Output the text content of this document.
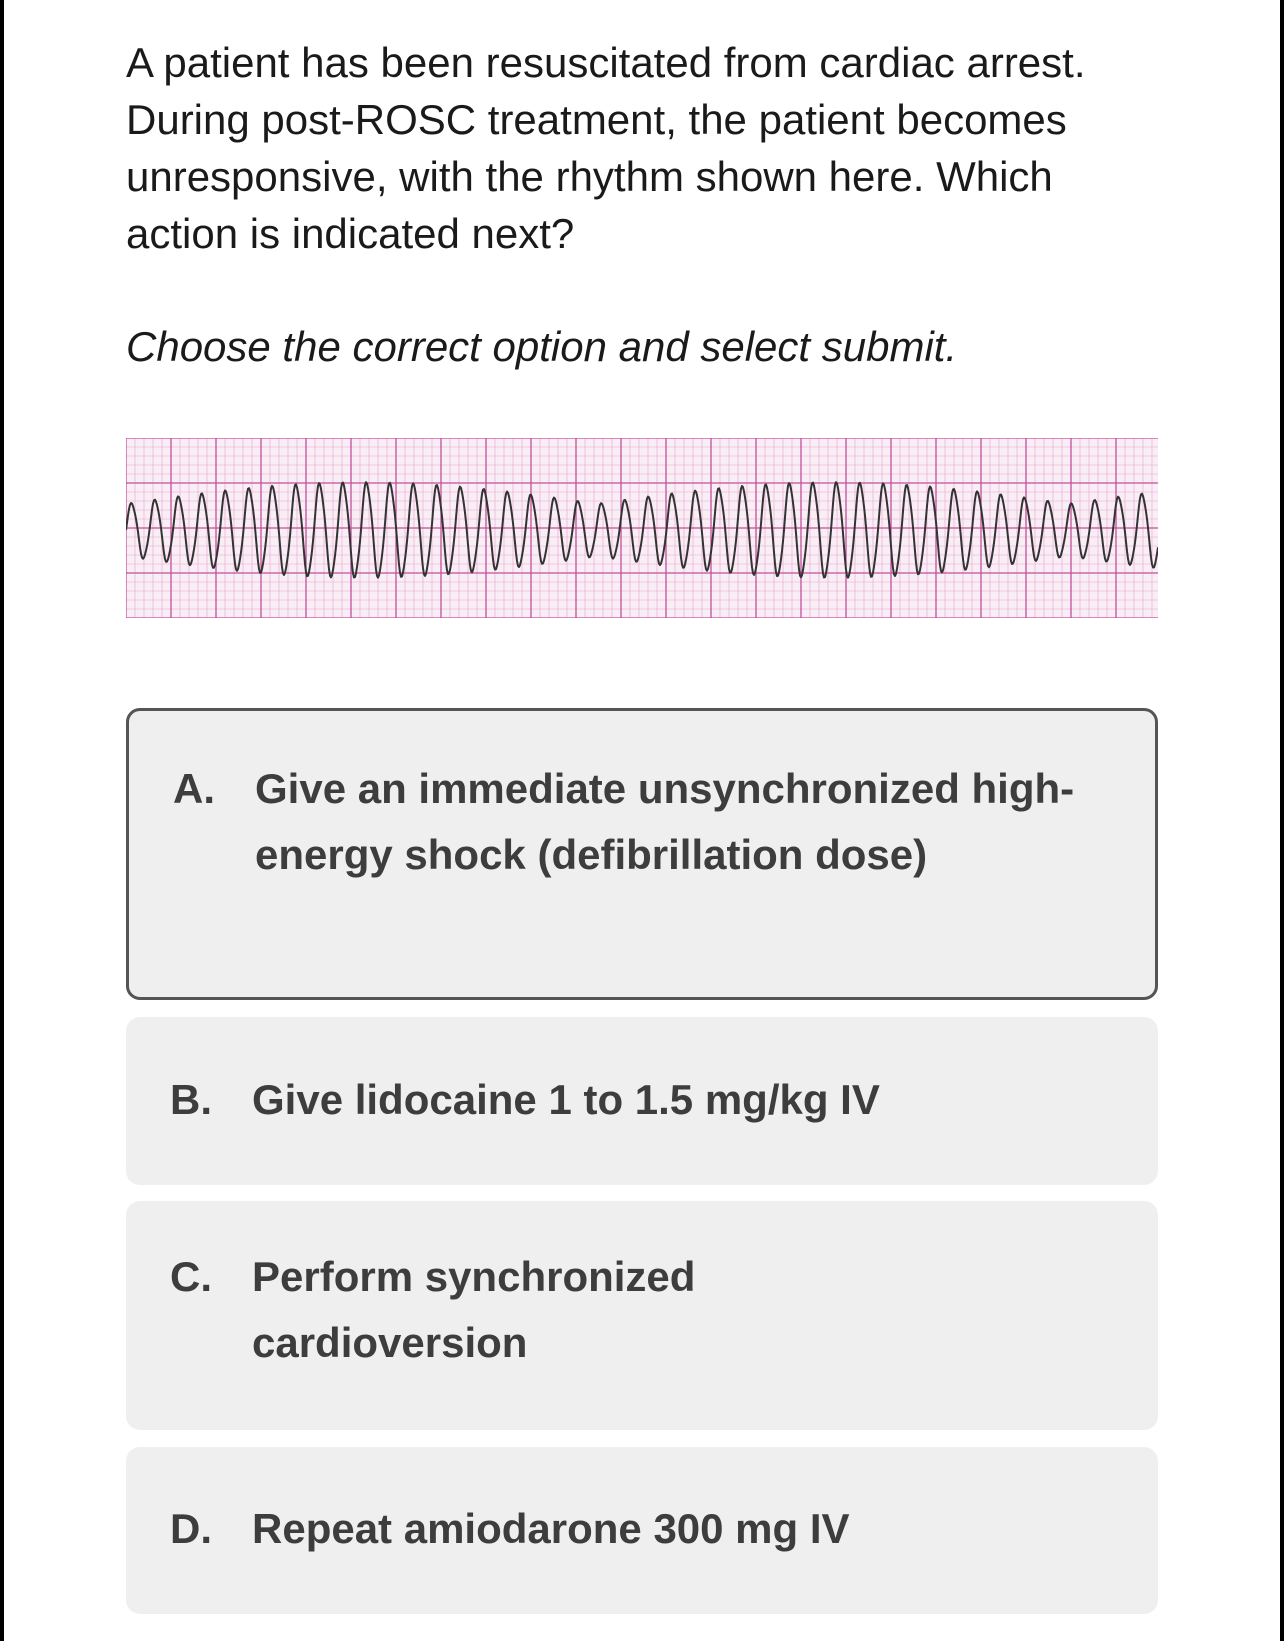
A patient has been resuscitated from cardiac arrest. During post-ROSC treatment, the patient becomes unresponsive, with the rhythm shown here. Which action is indicated next?

Choose the correct option and select submit.

A. Give an immediate unsynchronized high-energy shock (defibrillation dose)
B. Give lidocaine 1 to 1.5 mg/kg IV
C. Perform synchronized cardioversion
D. Repeat amiodarone 300 mg IV
